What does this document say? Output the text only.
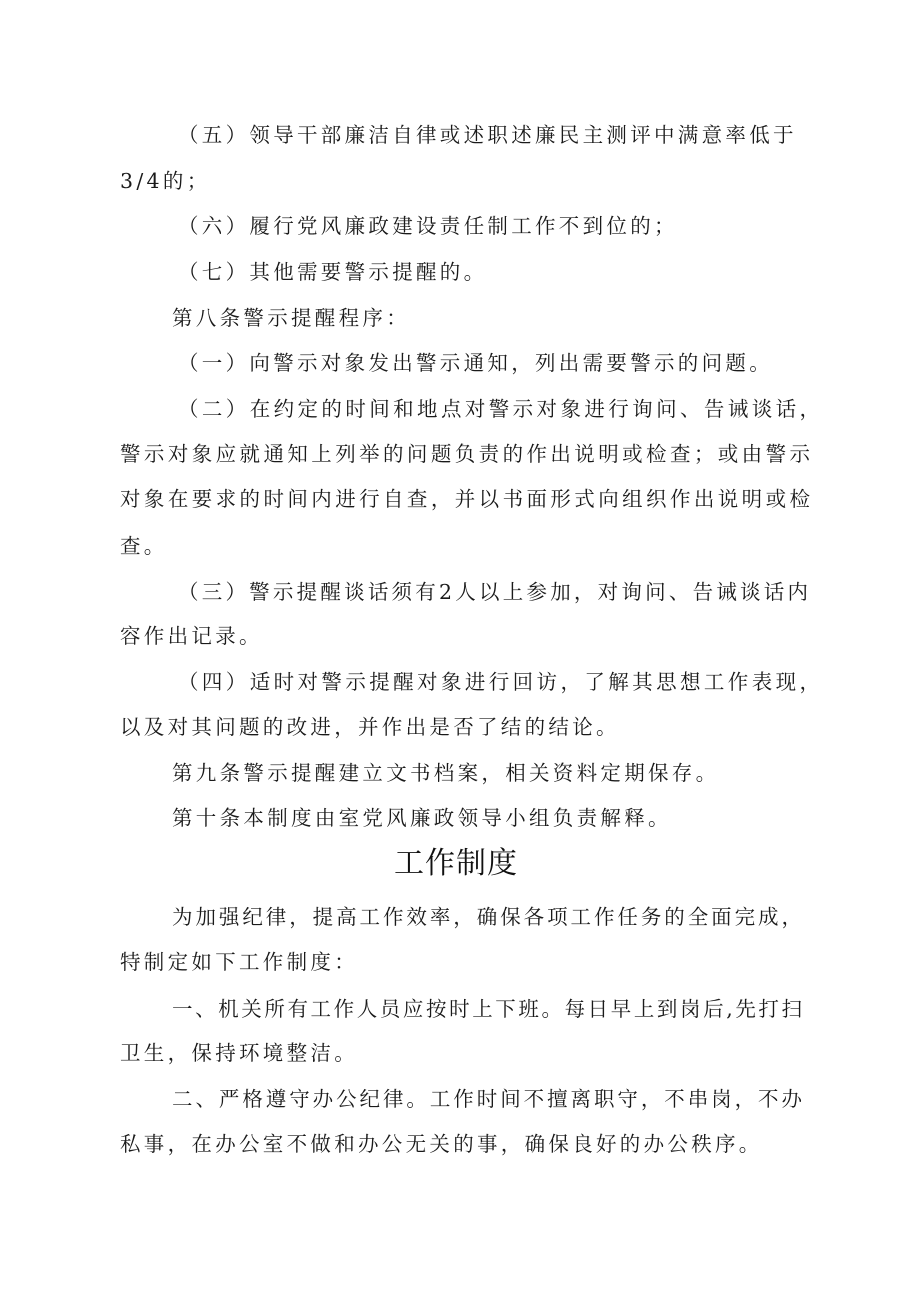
（五）领导干部廉洁自律或述职述廉民主测评中满意率低于
3/4的；
（六）履行党风廉政建设责任制工作不到位的；
（七）其他需要警示提醒的。
第八条警示提醒程序：
（一）向警示对象发出警示通知，列出需要警示的问题。
（二）在约定的时间和地点对警示对象进行询问、告诫谈话，
警示对象应就通知上列举的问题负责的作出说明或检查；或由警示
对象在要求的时间内进行自查，并以书面形式向组织作出说明或检
查。
（三）警示提醒谈话须有2人以上参加，对询问、告诫谈话内
容作出记录。
（四）适时对警示提醒对象进行回访，了解其思想工作表现，
以及对其问题的改进，并作出是否了结的结论。
第九条警示提醒建立文书档案，相关资料定期保存。
第十条本制度由室党风廉政领导小组负责解释。
工作制度
为加强纪律，提高工作效率，确保各项工作任务的全面完成，
特制定如下工作制度：
一、机关所有工作人员应按时上下班。每日早上到岗后,先打扫
卫生，保持环境整洁。
二、严格遵守办公纪律。工作时间不擅离职守，不串岗，不办
私事，在办公室不做和办公无关的事，确保良好的办公秩序。
